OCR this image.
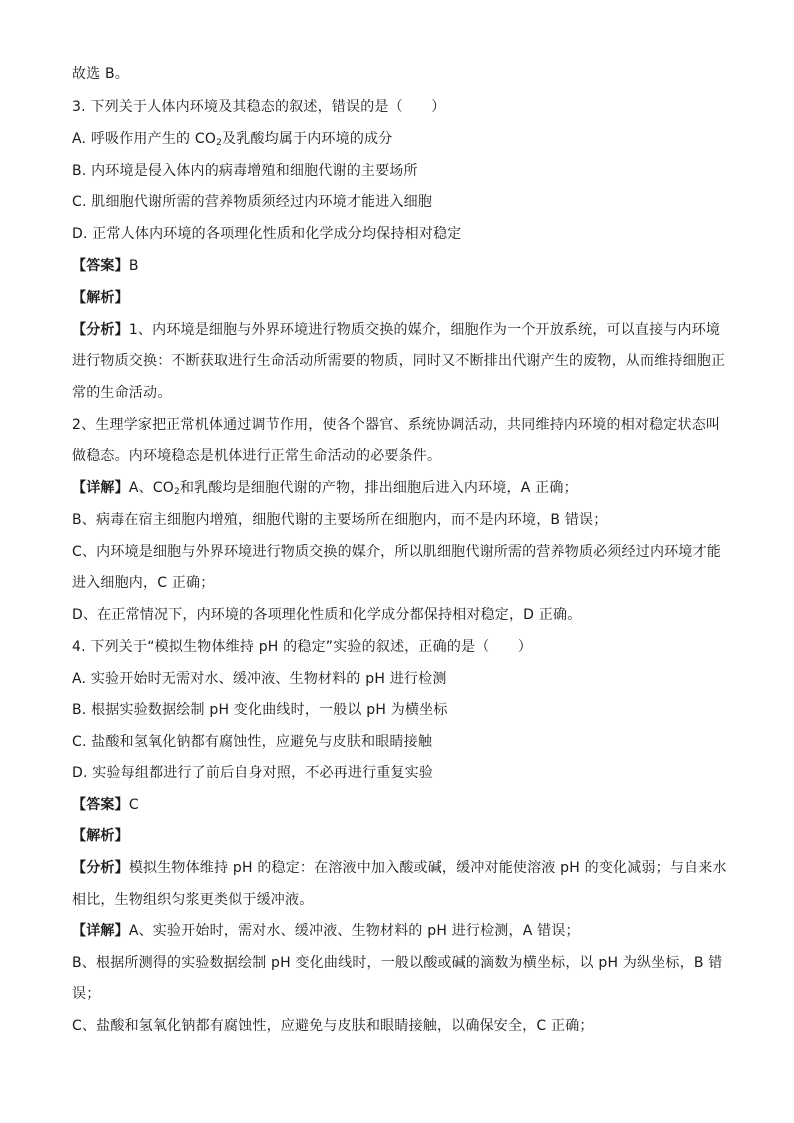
故选 B。
3. 下列关于人体内环境及其稳态的叙述，错误的是（　　）
A. 呼吸作用产生的 $CO_2$及乳酸均属于内环境的成分
B. 内环境是侵入体内的病毒增殖和细胞代谢的主要场所
C. 肌细胞代谢所需的营养物质须经过内环境才能进入细胞
D. 正常人体内环境的各项理化性质和化学成分均保持相对稳定
【答案】B
【解析】
【分析】1、内环境是细胞与外界环境进行物质交换的媒介，细胞作为一个开放系统，可以直接与内环境
进行物质交换：不断获取进行生命活动所需要的物质，同时又不断排出代谢产生的废物，从而维持细胞正
常的生命活动。
2、生理学家把正常机体通过调节作用，使各个器官、系统协调活动，共同维持内环境的相对稳定状态叫
做稳态。内环境稳态是机体进行正常生命活动的必要条件。
【详解】A、$CO_2$和乳酸均是细胞代谢的产物，排出细胞后进入内环境，A 正确；
B、病毒在宿主细胞内增殖，细胞代谢的主要场所在细胞内，而不是内环境，B 错误；
C、内环境是细胞与外界环境进行物质交换的媒介，所以肌细胞代谢所需的营养物质必须经过内环境才能
进入细胞内，C 正确；
D、在正常情况下，内环境的各项理化性质和化学成分都保持相对稳定，D 正确。
4. 下列关于“模拟生物体维持 pH 的稳定”实验的叙述，正确的是（　　）
A. 实验开始时无需对水、缓冲液、生物材料的 pH 进行检测
B. 根据实验数据绘制 pH 变化曲线时，一般以 pH 为横坐标
C. 盐酸和氢氧化钠都有腐蚀性，应避免与皮肤和眼睛接触
D. 实验每组都进行了前后自身对照，不必再进行重复实验
【答案】C
【解析】
【分析】模拟生物体维持 pH 的稳定：在溶液中加入酸或碱，缓冲对能使溶液 pH 的变化减弱；与自来水
相比，生物组织匀浆更类似于缓冲液。
【详解】A、实验开始时，需对水、缓冲液、生物材料的 pH 进行检测，A 错误；
B、根据所测得的实验数据绘制 pH 变化曲线时，一般以酸或碱的滴数为横坐标，以 pH 为纵坐标，B 错
误；
C、盐酸和氢氧化钠都有腐蚀性，应避免与皮肤和眼睛接触，以确保安全，C 正确；
